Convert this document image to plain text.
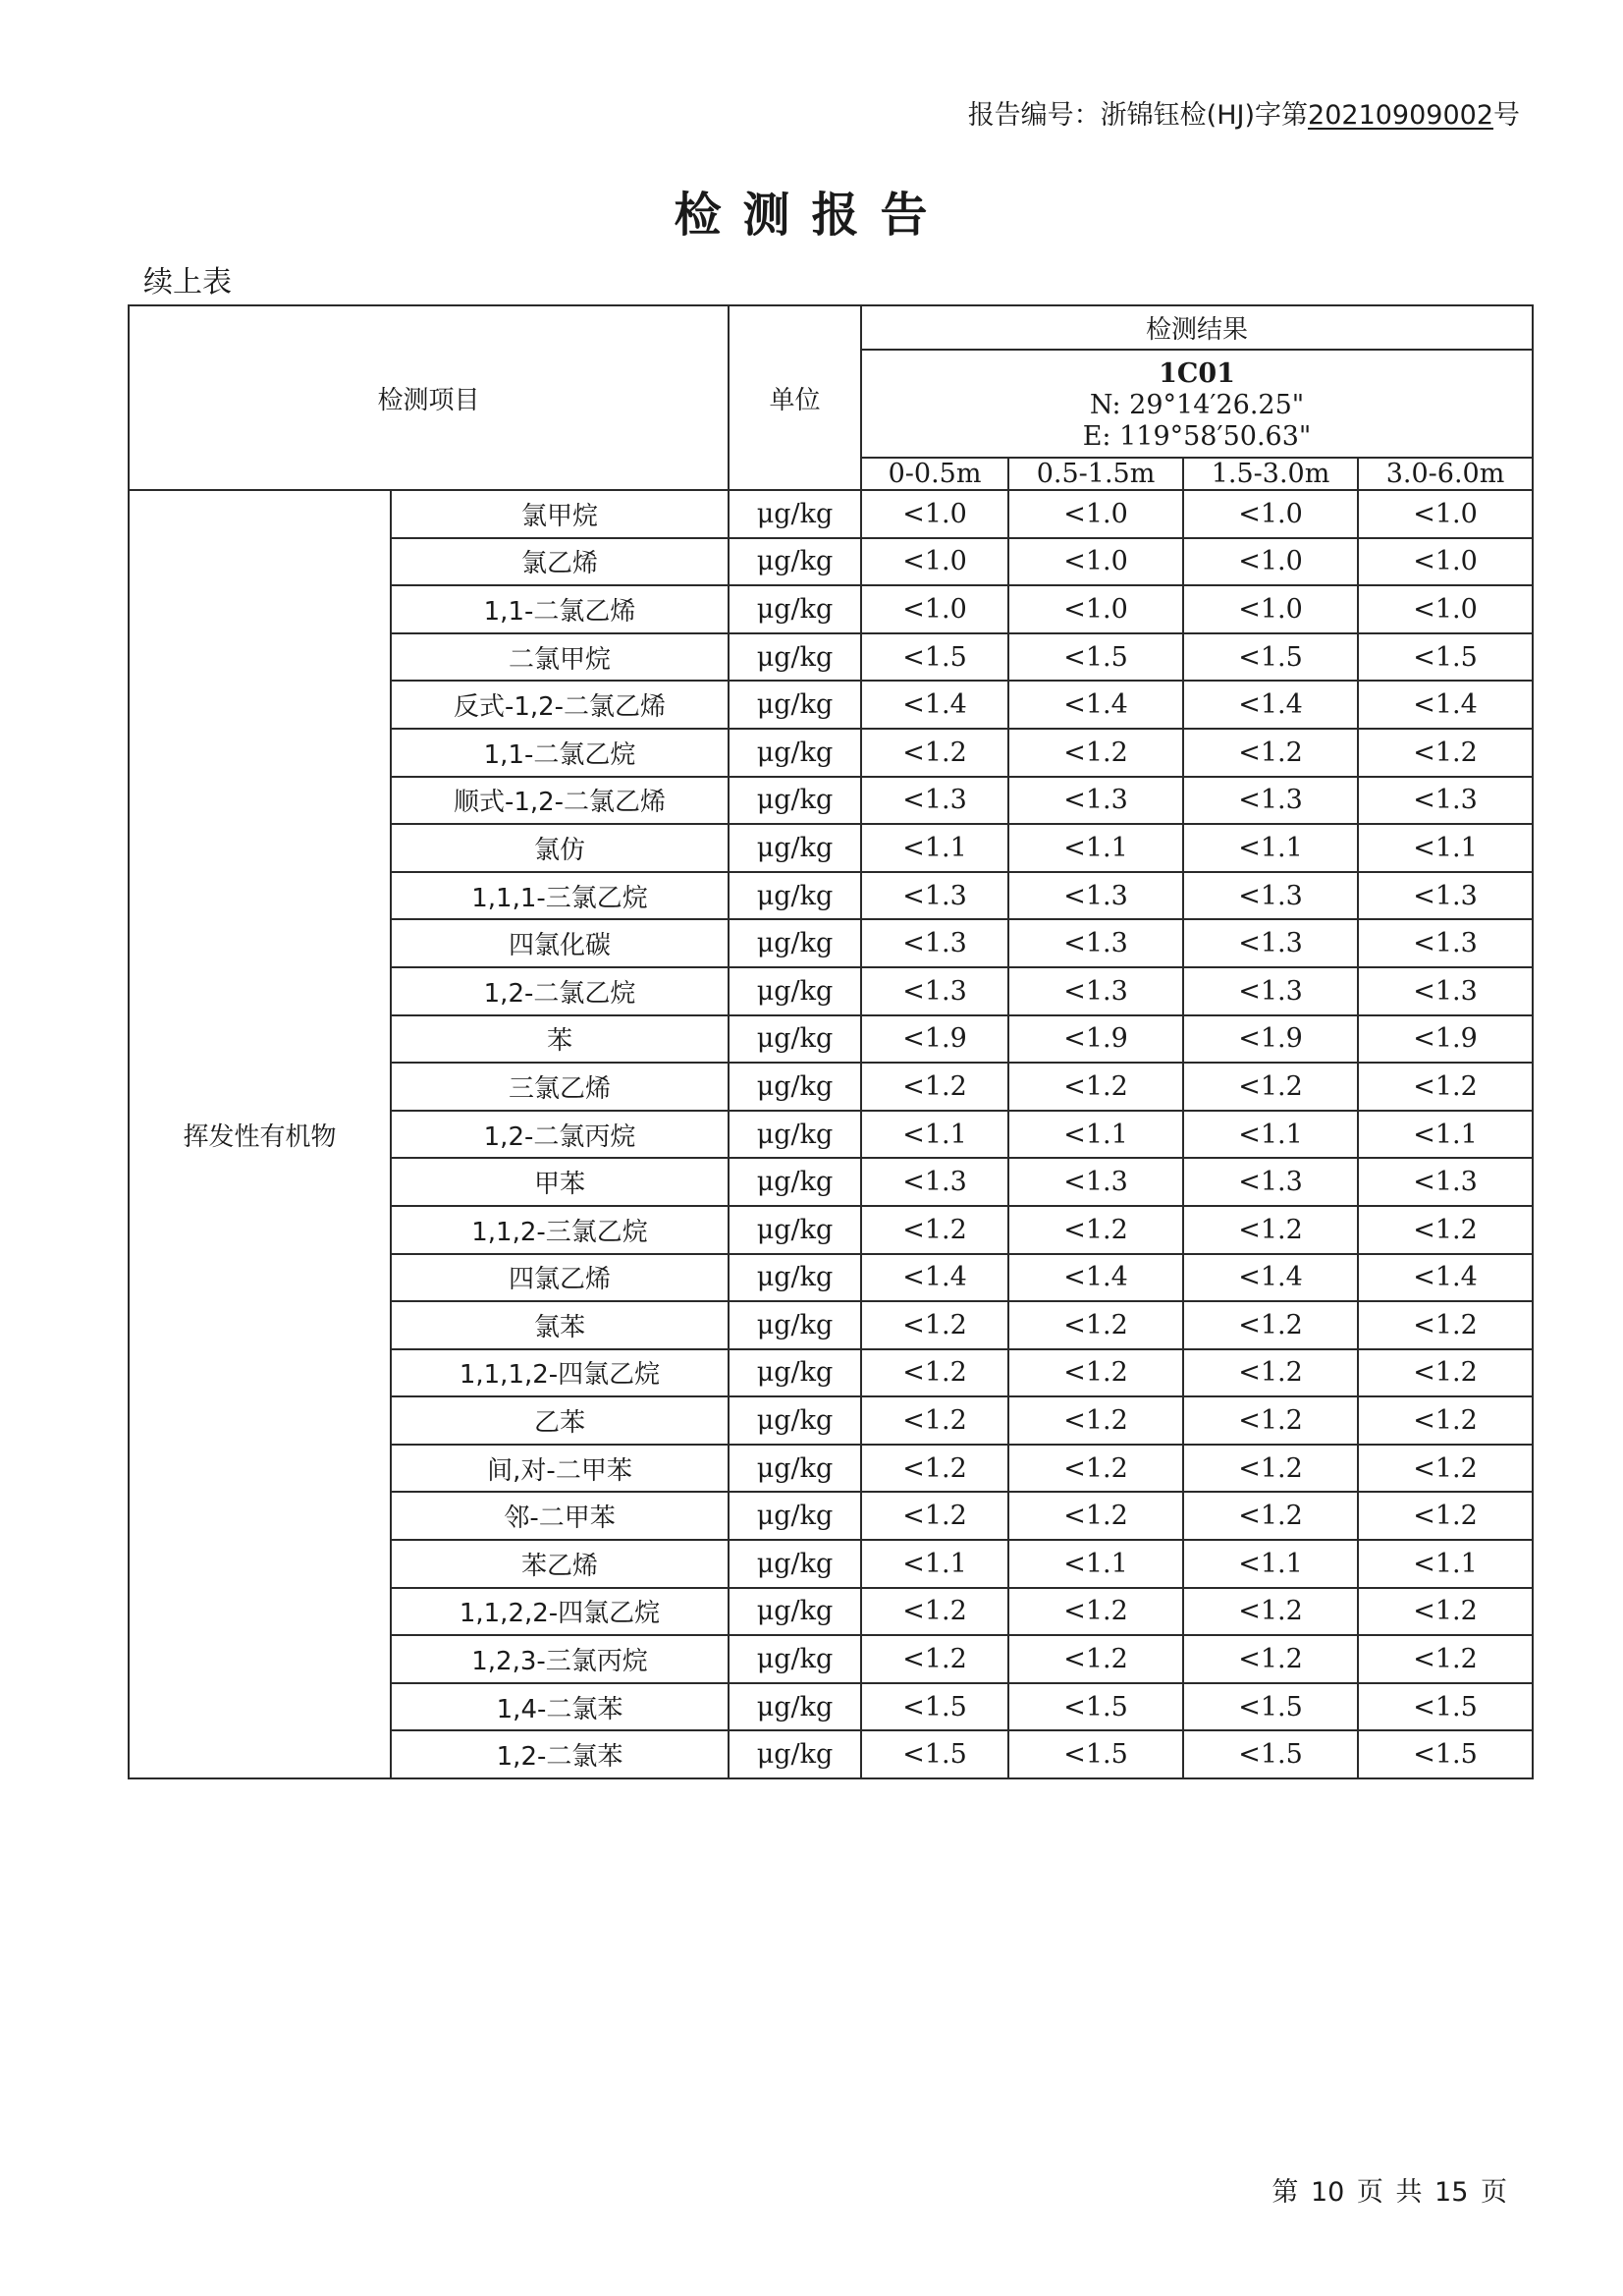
报告编号：浙锦钰检(HJ)字第20210909002号
检测报告
续上表
检测项目		单位	检测结果			

			1C01
N: 29°14′26.25"
E: 119°58′50.63"			

			0-0.5m	0.5-1.5m	1.5-3.0m	3.0-6.0m
挥发性有机物	氯甲烷	μg/kg	<1.0	<1.0	<1.0	<1.0
	氯乙烯	μg/kg	<1.0	<1.0	<1.0	<1.0
	1,1-二氯乙烯	μg/kg	<1.0	<1.0	<1.0	<1.0
	二氯甲烷	μg/kg	<1.5	<1.5	<1.5	<1.5
	反式-1,2-二氯乙烯	μg/kg	<1.4	<1.4	<1.4	<1.4
	1,1-二氯乙烷	μg/kg	<1.2	<1.2	<1.2	<1.2
	顺式-1,2-二氯乙烯	μg/kg	<1.3	<1.3	<1.3	<1.3
	氯仿	μg/kg	<1.1	<1.1	<1.1	<1.1
	1,1,1-三氯乙烷	μg/kg	<1.3	<1.3	<1.3	<1.3
	四氯化碳	μg/kg	<1.3	<1.3	<1.3	<1.3
	1,2-二氯乙烷	μg/kg	<1.3	<1.3	<1.3	<1.3
	苯	μg/kg	<1.9	<1.9	<1.9	<1.9
	三氯乙烯	μg/kg	<1.2	<1.2	<1.2	<1.2
	1,2-二氯丙烷	μg/kg	<1.1	<1.1	<1.1	<1.1
	甲苯	μg/kg	<1.3	<1.3	<1.3	<1.3
	1,1,2-三氯乙烷	μg/kg	<1.2	<1.2	<1.2	<1.2
	四氯乙烯	μg/kg	<1.4	<1.4	<1.4	<1.4
	氯苯	μg/kg	<1.2	<1.2	<1.2	<1.2
	1,1,1,2-四氯乙烷	μg/kg	<1.2	<1.2	<1.2	<1.2
	乙苯	μg/kg	<1.2	<1.2	<1.2	<1.2
	间,对-二甲苯	μg/kg	<1.2	<1.2	<1.2	<1.2
	邻-二甲苯	μg/kg	<1.2	<1.2	<1.2	<1.2
	苯乙烯	μg/kg	<1.1	<1.1	<1.1	<1.1
	1,1,2,2-四氯乙烷	μg/kg	<1.2	<1.2	<1.2	<1.2
	1,2,3-三氯丙烷	μg/kg	<1.2	<1.2	<1.2	<1.2
	1,4-二氯苯	μg/kg	<1.5	<1.5	<1.5	<1.5
	1,2-二氯苯	μg/kg	<1.5	<1.5	<1.5	<1.5
第 10 页 共 15 页
